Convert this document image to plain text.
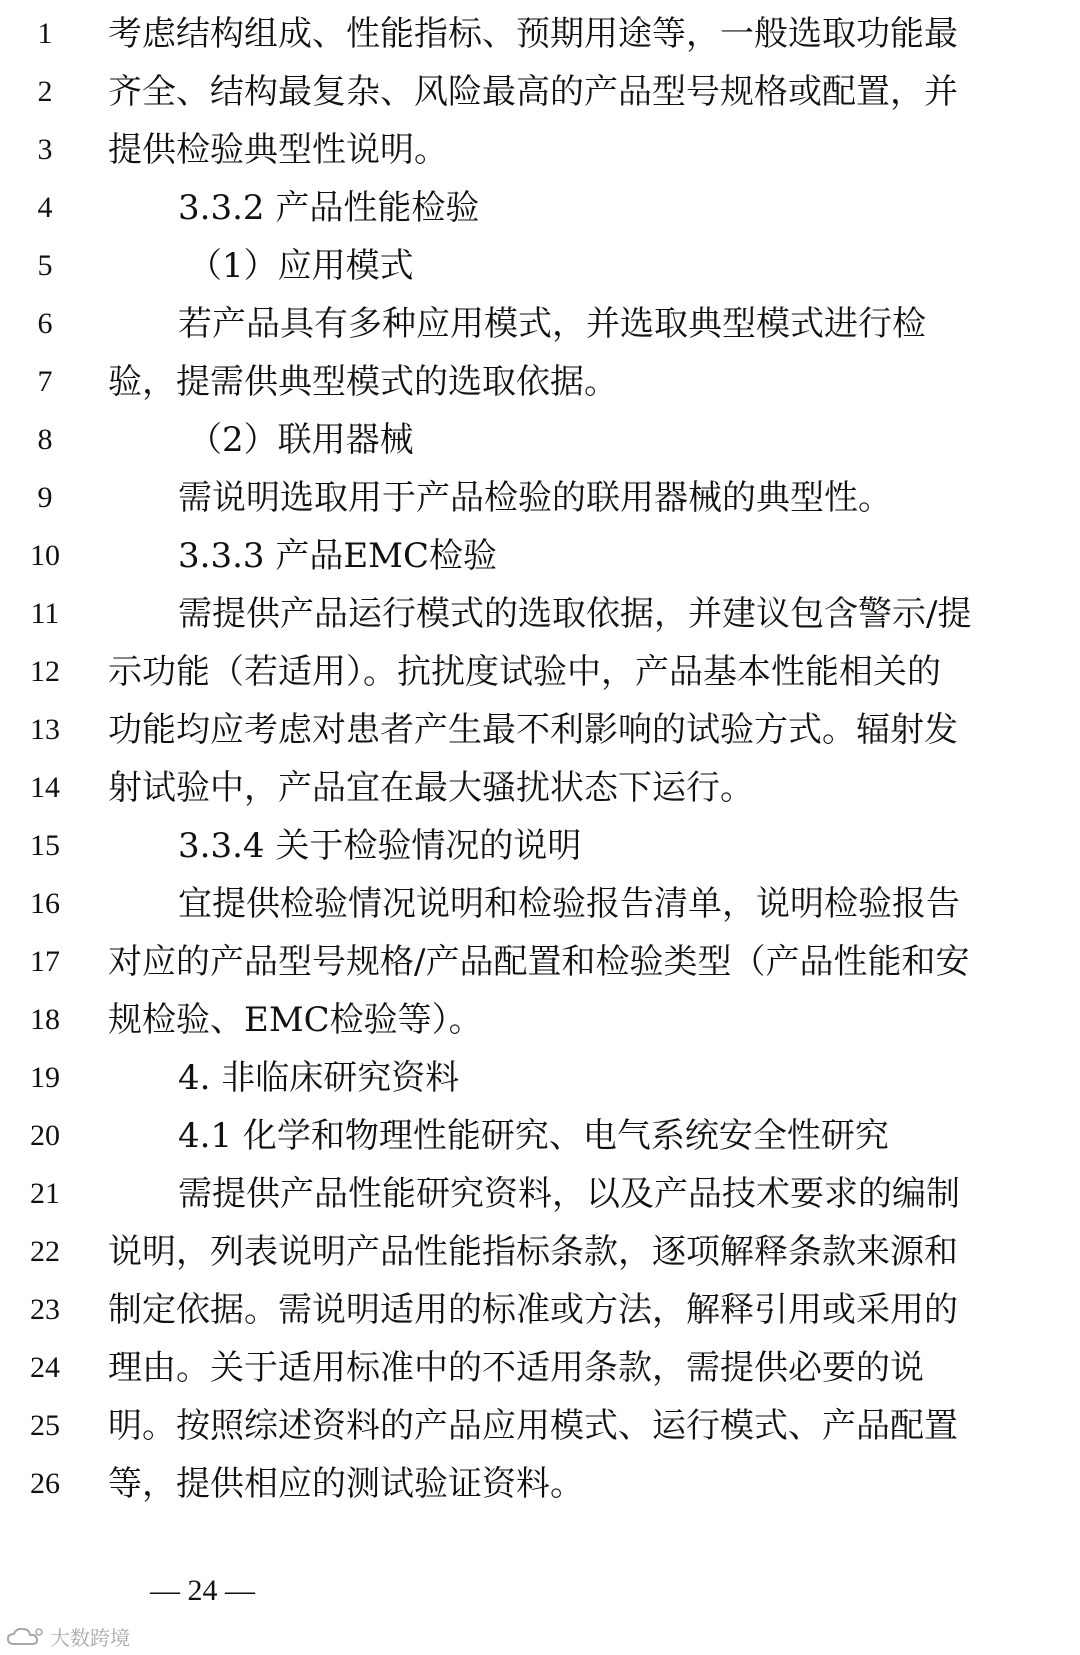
1	考虑结构组成、性能指标、预期用途等，一般选取功能最
2	齐全、结构最复杂、风险最高的产品型号规格或配置，并
3	提供检验典型性说明。
4	3.3.2 产品性能检验
5	（1）应用模式
6	若产品具有多种应用模式，并选取典型模式进行检
7	验，提需供典型模式的选取依据。
8	（2）联用器械
9	需说明选取用于产品检验的联用器械的典型性。
10	3.3.3 产品EMC检验
11	需提供产品运行模式的选取依据，并建议包含警示/提
12	示功能（若适用）。抗扰度试验中，产品基本性能相关的
13	功能均应考虑对患者产生最不利影响的试验方式。辐射发
14	射试验中，产品宜在最大骚扰状态下运行。
15	3.3.4 关于检验情况的说明
16	宜提供检验情况说明和检验报告清单，说明检验报告
17	对应的产品型号规格/产品配置和检验类型（产品性能和安
18	规检验、EMC检验等）。
19	4. 非临床研究资料
20	4.1 化学和物理性能研究、电气系统安全性研究
21	需提供产品性能研究资料，以及产品技术要求的编制
22	说明，列表说明产品性能指标条款，逐项解释条款来源和
23	制定依据。需说明适用的标准或方法，解释引用或采用的
24	理由。关于适用标准中的不适用条款，需提供必要的说
25	明。按照综述资料的产品应用模式、运行模式、产品配置
26	等，提供相应的测试验证资料。
— 24 —
大数跨境
